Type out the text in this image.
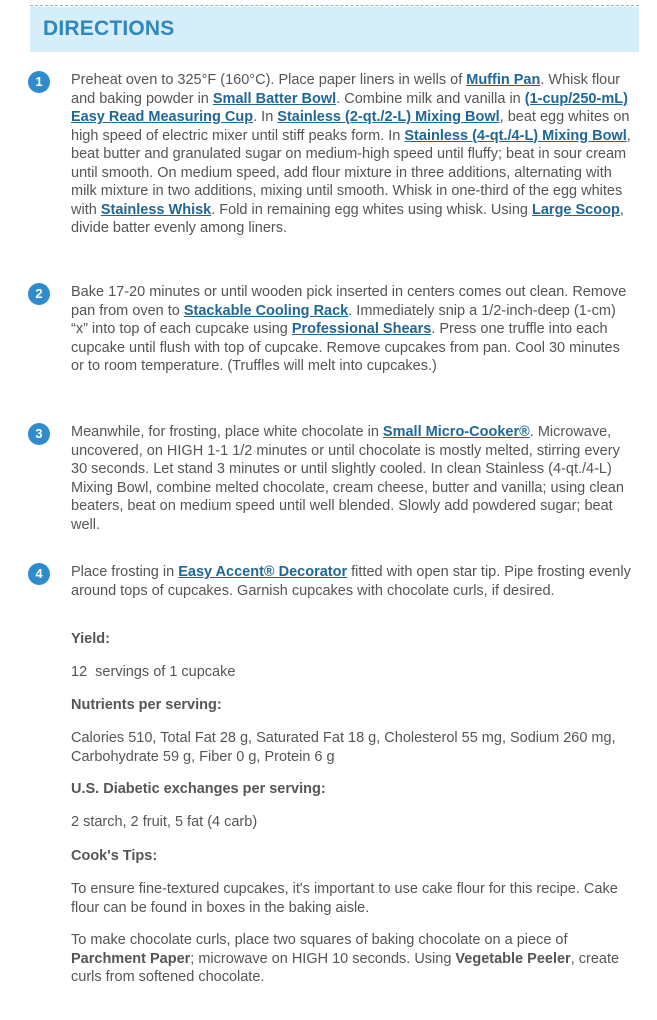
DIRECTIONS
1	Preheat oven to 325°F (160°C). Place paper liners in wells of Muffin Pan. Whisk flour and baking powder in Small Batter Bowl. Combine milk and vanilla in (1-cup/250-mL) Easy Read Measuring Cup. In Stainless (2-qt./2-L) Mixing Bowl, beat egg whites on high speed of electric mixer until stiff peaks form. In Stainless (4-qt./4-L) Mixing Bowl, beat butter and granulated sugar on medium-high speed until fluffy; beat in sour cream until smooth. On medium speed, add flour mixture in three additions, alternating with milk mixture in two additions, mixing until smooth. Whisk in one-third of the egg whites with Stainless Whisk. Fold in remaining egg whites using whisk. Using Large Scoop, divide batter evenly among liners.
2	Bake 17-20 minutes or until wooden pick inserted in centers comes out clean. Remove pan from oven to Stackable Cooling Rack. Immediately snip a 1/2-inch-deep (1-cm) “x” into top of each cupcake using Professional Shears. Press one truffle into each cupcake until flush with top of cupcake. Remove cupcakes from pan. Cool 30 minutes or to room temperature. (Truffles will melt into cupcakes.)
3	Meanwhile, for frosting, place white chocolate in Small Micro-Cooker®. Microwave, uncovered, on HIGH 1-1 1/2 minutes or until chocolate is mostly melted, stirring every 30 seconds. Let stand 3 minutes or until slightly cooled. In clean Stainless (4-qt./4-L) Mixing Bowl, combine melted chocolate, cream cheese, butter and vanilla; using clean beaters, beat on medium speed until well blended. Slowly add powdered sugar; beat well.
4	Place frosting in Easy Accent® Decorator fitted with open star tip. Pipe frosting evenly around tops of cupcakes. Garnish cupcakes with chocolate curls, if desired.
Yield:
12  servings of 1 cupcake
Nutrients per serving:
Calories 510, Total Fat 28 g, Saturated Fat 18 g, Cholesterol 55 mg, Sodium 260 mg, Carbohydrate 59 g, Fiber 0 g, Protein 6 g
U.S. Diabetic exchanges per serving:
2 starch, 2 fruit, 5 fat (4 carb)
Cook's Tips:
To ensure fine-textured cupcakes, it's important to use cake flour for this recipe. Cake flour can be found in boxes in the baking aisle.
To make chocolate curls, place two squares of baking chocolate on a piece of Parchment Paper; microwave on HIGH 10 seconds. Using Vegetable Peeler, create curls from softened chocolate.
